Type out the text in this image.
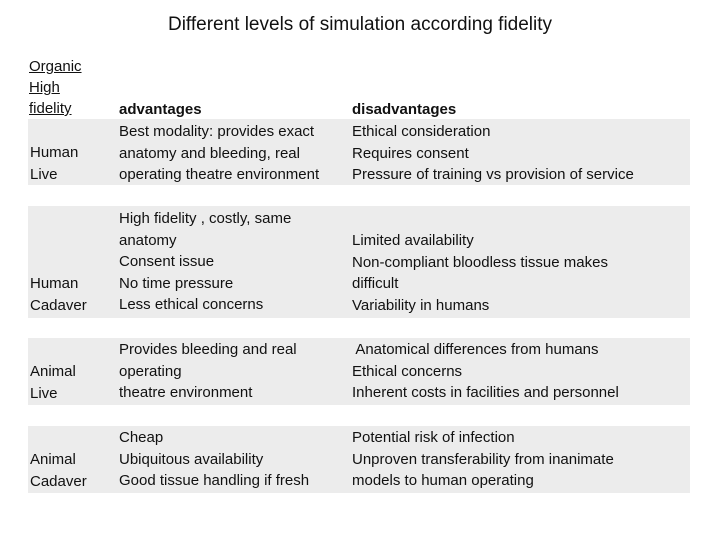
Different levels of simulation according fidelity
Organic
High
fidelity	advantages	disadvantages
Human
Live
Best modality: provides exact
anatomy and bleeding, real
operating theatre environment
Ethical consideration
Requires consent
Pressure of training vs provision of service
Human
Cadaver
High fidelity , costly, same
anatomy
Consent issue
No time pressure
Less ethical concerns
Limited availability
Non-compliant bloodless tissue makes
difficult
Variability in humans
Animal
Live
Provides bleeding and real
operating
theatre environment
Anatomical differences from humans
Ethical concerns
Inherent costs in facilities and personnel
Animal
Cadaver
Cheap
Ubiquitous availability
Good tissue handling if fresh
Potential risk of infection
Unproven transferability from inanimate
models to human operating
